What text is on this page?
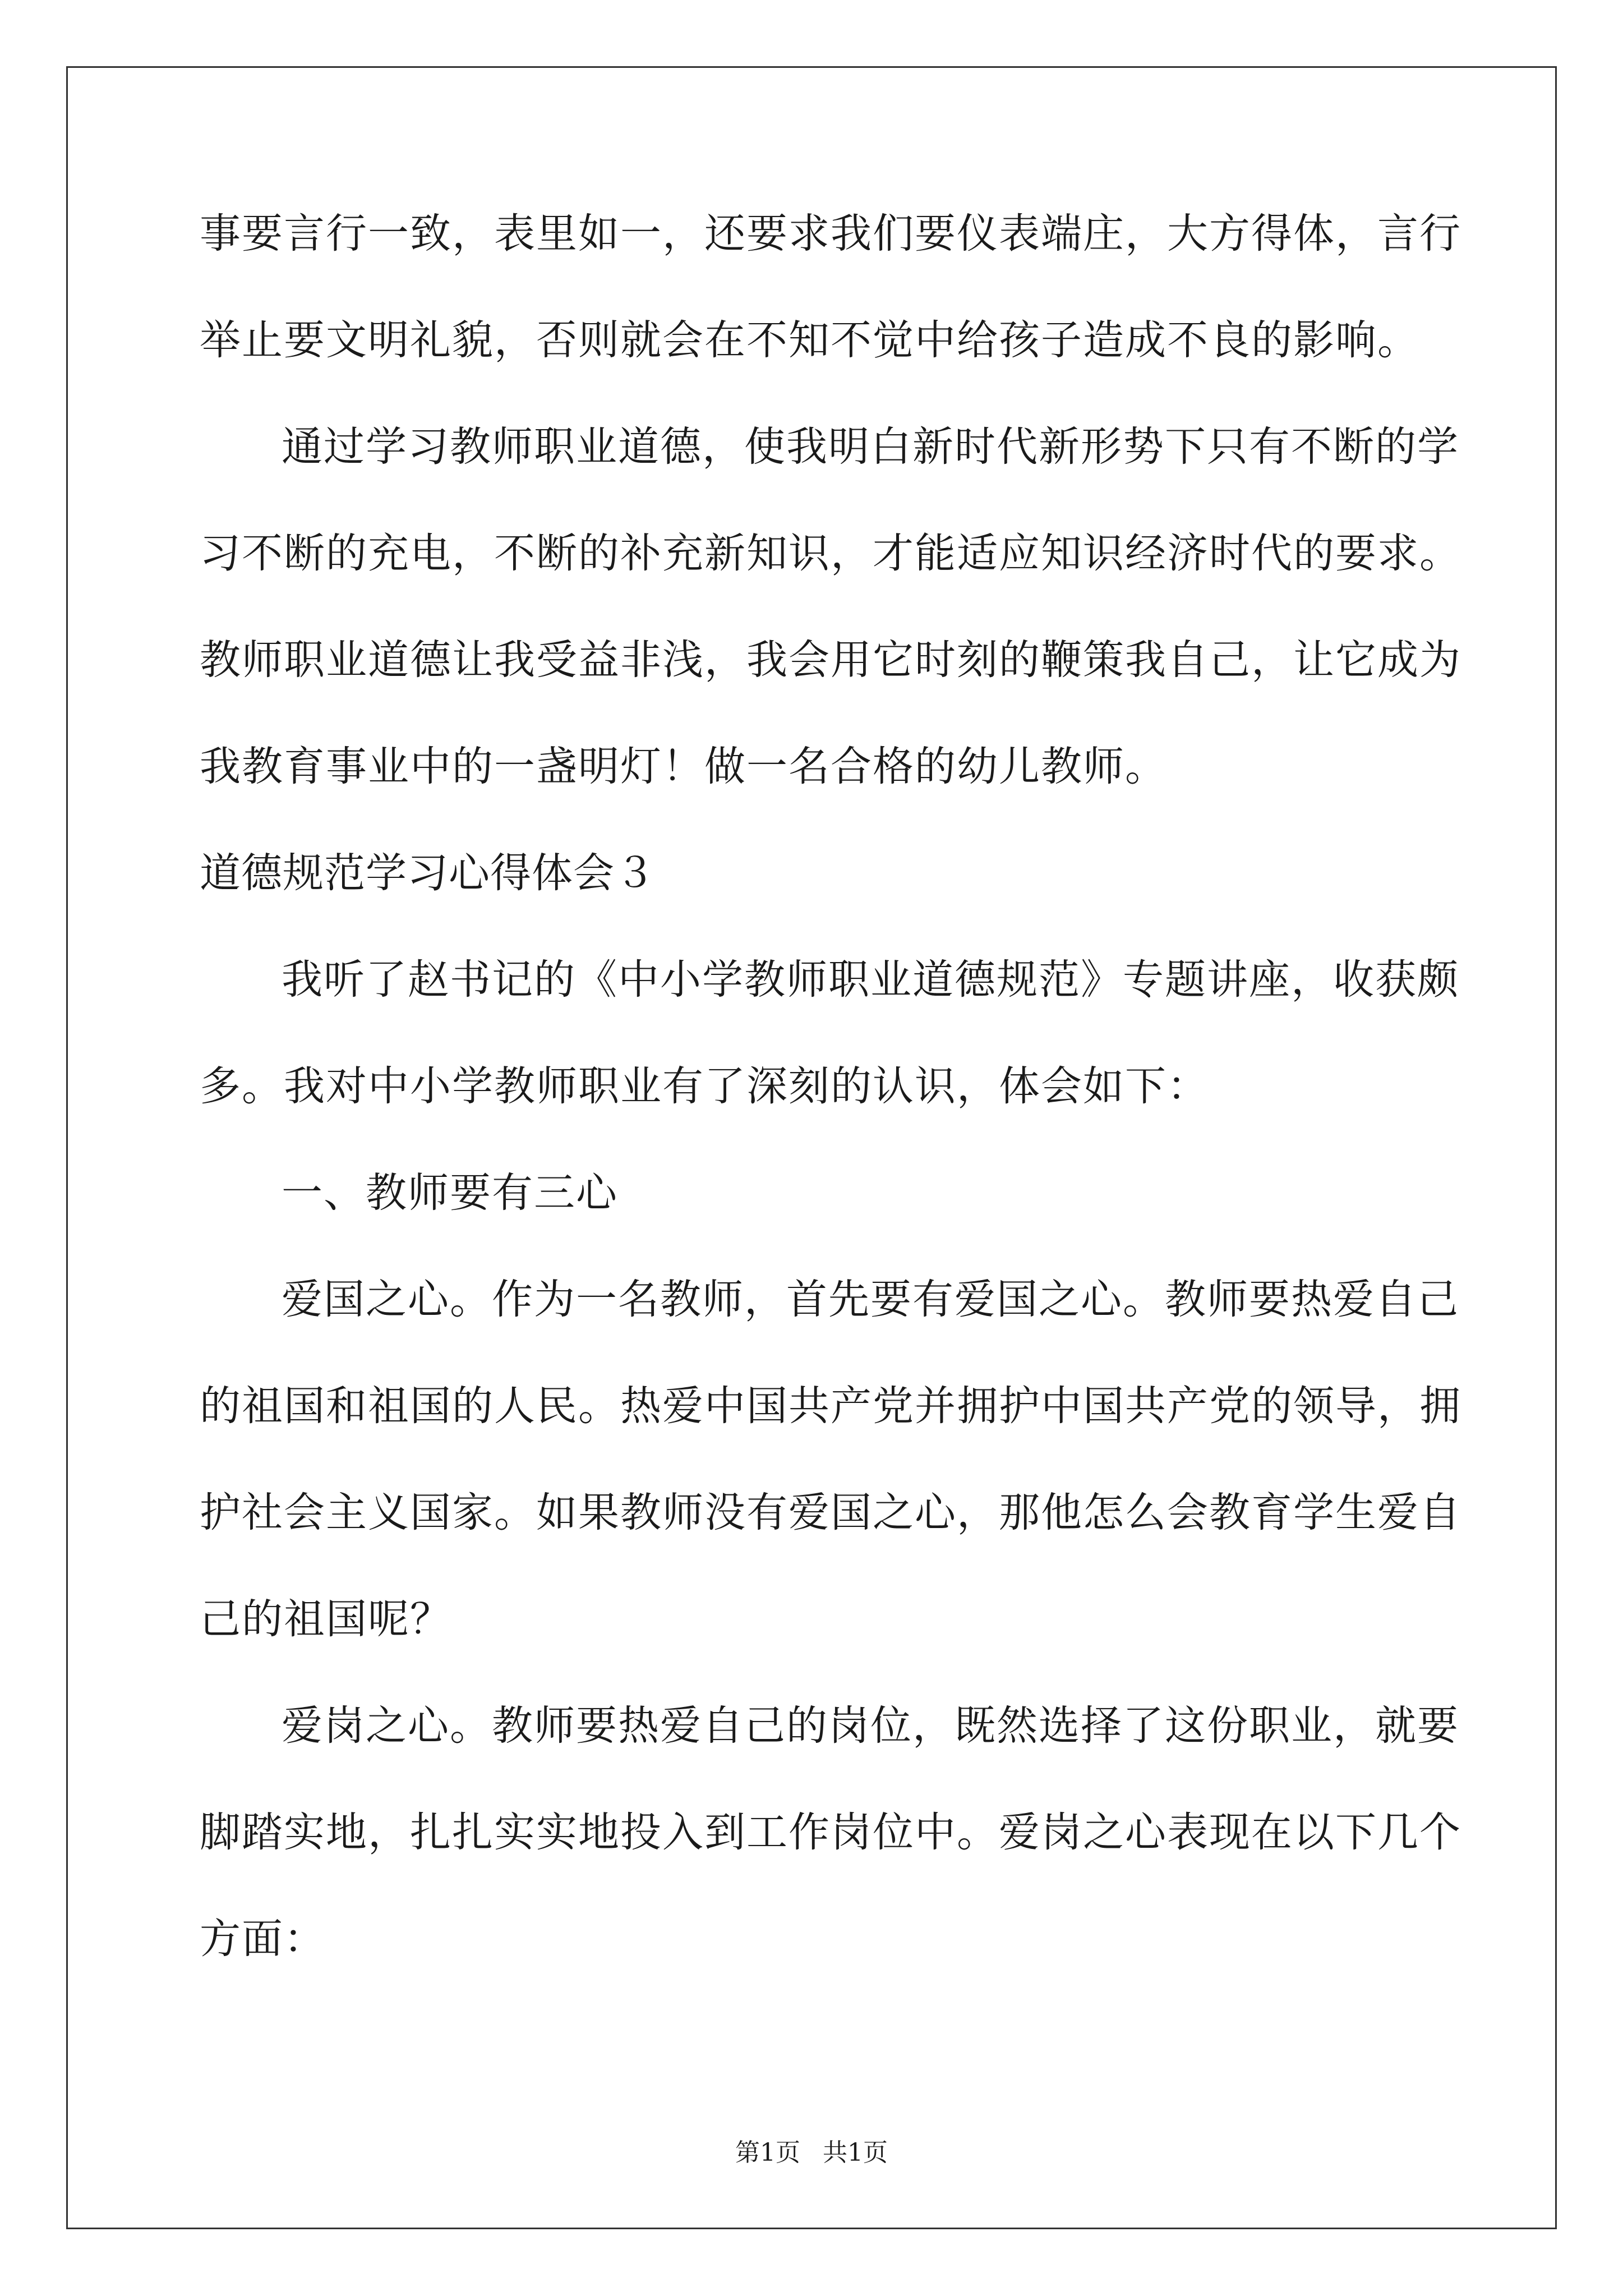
事要言行一致，表里如一，还要求我们要仪表端庄，大方得体，言行
举止要文明礼貌，否则就会在不知不觉中给孩子造成不良的影响。
通过学习教师职业道德，使我明白新时代新形势下只有不断的学
习不断的充电，不断的补充新知识，才能适应知识经济时代的要求。
教师职业道德让我受益非浅，我会用它时刻的鞭策我自己，让它成为
我教育事业中的一盏明灯！做一名合格的幼儿教师。
道德规范学习心得体会３
我听了赵书记的《中小学教师职业道德规范》专题讲座，收获颇
多。我对中小学教师职业有了深刻的认识，体会如下：
一、教师要有三心
爱国之心。作为一名教师，首先要有爱国之心。教师要热爱自己
的祖国和祖国的人民。热爱中国共产党并拥护中国共产党的领导，拥
护社会主义国家。如果教师没有爱国之心，那他怎么会教育学生爱自
己的祖国呢？
爱岗之心。教师要热爱自己的岗位，既然选择了这份职业，就要
脚踏实地，扎扎实实地投入到工作岗位中。爱岗之心表现在以下几个
方面：
第1页 共1页
